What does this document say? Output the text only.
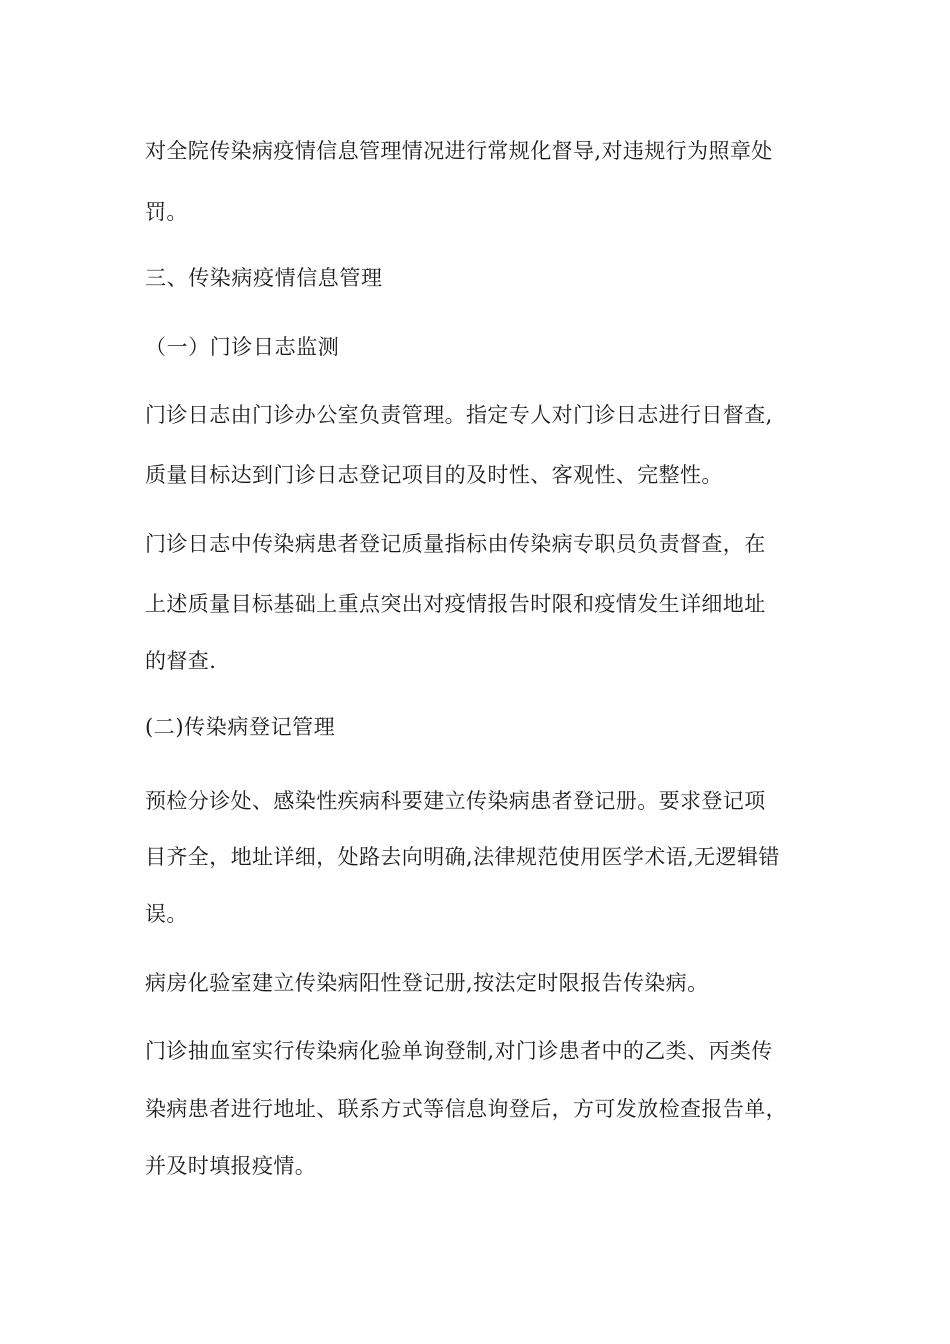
对全院传染病疫情信息管理情况进行常规化督导,对违规行为照章处
罚。
三、传染病疫情信息管理
（一）门诊日志监测
门诊日志由门诊办公室负责管理。指定专人对门诊日志进行日督查,
质量目标达到门诊日志登记项目的及时性、客观性、完整性。
门诊日志中传染病患者登记质量指标由传染病专职员负责督查，在
上述质量目标基础上重点突出对疫情报告时限和疫情发生详细地址
的督查.
(二)传染病登记管理
预检分诊处、感染性疾病科要建立传染病患者登记册。要求登记项
目齐全，地址详细，处路去向明确,法律规范使用医学术语,无逻辑错
误。
病房化验室建立传染病阳性登记册,按法定时限报告传染病。
门诊抽血室实行传染病化验单询登制,对门诊患者中的乙类、丙类传
染病患者进行地址、联系方式等信息询登后，方可发放检查报告单，
并及时填报疫情。
